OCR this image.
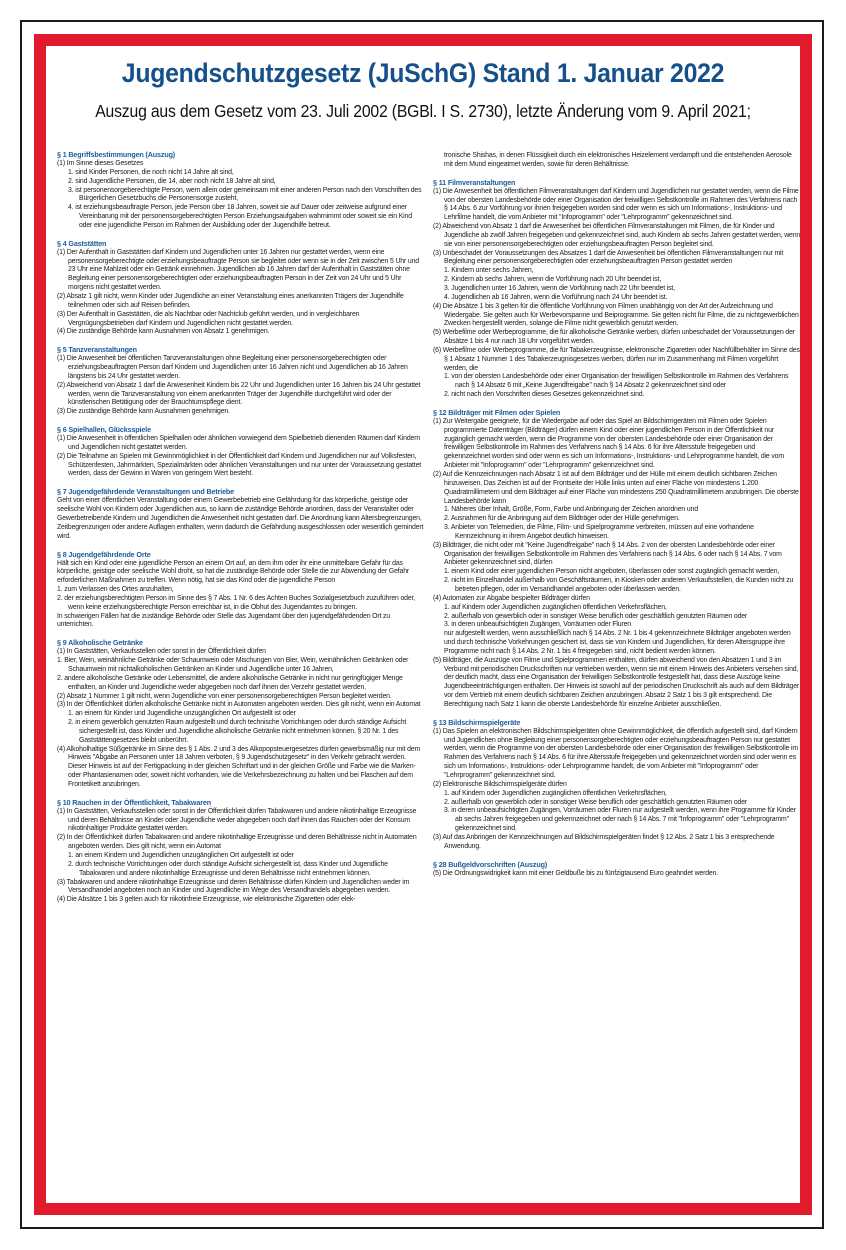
Jugendschutzgesetz (JuSchG) Stand 1. Januar 2022
Auszug aus dem Gesetz vom 23. Juli 2002 (BGBl. I S. 2730), letzte Änderung vom 9. April 2021;
§ 1 Begriffsbestimmungen (Auszug)
(1) Im Sinne dieses Gesetzes
1. sind Kinder Personen, die noch nicht 14 Jahre alt sind,
2. sind Jugendliche Personen, die 14, aber noch nicht 18 Jahre alt sind,
3. ist personensorgeberechtigte Person, wem allein oder gemeinsam mit einer anderen Person nach den Vorschriften des Bürgerlichen Gesetzbuchs die Personensorge zusteht,
4. ist erziehungsbeauftragte Person, jede Person über 18 Jahren, soweit sie auf Dauer oder zeitweise aufgrund einer Vereinbarung mit der personensorgeberechtigten Person Erziehungsaufgaben wahrnimmt oder soweit sie ein Kind oder eine jugendliche Person im Rahmen der Ausbildung oder der Jugendhilfe betreut.
§ 4 Gaststätten
(1) Der Aufenthalt in Gaststätten darf Kindern und Jugendlichen unter 16 Jahren nur gestattet werden, wenn eine personensorgeberechtigte oder erziehungsbeauftragte Person sie begleitet oder wenn sie in der Zeit zwischen 5 Uhr und 23 Uhr eine Mahlzeit oder ein Getränk einnehmen. Jugendlichen ab 16 Jahren darf der Aufenthalt in Gaststätten ohne Begleitung einer personensorgeberechtigten oder erziehungsbeauftragten Person in der Zeit von 24 Uhr und 5 Uhr morgens nicht gestattet werden.
(2) Absatz 1 gilt nicht, wenn Kinder oder Jugendliche an einer Veranstaltung eines anerkannten Trägers der Jugendhilfe teilnehmen oder sich auf Reisen befinden.
(3) Der Aufenthalt in Gaststätten, die als Nachtbar oder Nachtclub geführt werden, und in vergleichbaren Vergnügungsbetrieben darf Kindern und Jugendlichen nicht gestattet werden.
(4) Die zuständige Behörde kann Ausnahmen von Absatz 1 genehmigen.
§ 5 Tanzveranstaltungen
(1) Die Anwesenheit bei öffentlichen Tanzveranstaltungen ohne Begleitung einer personensorgeberechtigten oder erziehungsbeauftragten Person darf Kindern und Jugendlichen unter 16 Jahren nicht und Jugendlichen ab 16 Jahren längstens bis 24 Uhr gestattet werden.
(2) Abweichend von Absatz 1 darf die Anwesenheit Kindern bis 22 Uhr und Jugendlichen unter 16 Jahren bis 24 Uhr gestattet werden, wenn die Tanzveranstaltung von einem anerkannten Träger der Jugendhilfe durchgeführt wird oder der künstlerischen Betätigung oder der Brauchtumspflege dient.
(3) Die zuständige Behörde kann Ausnahmen genehmigen.
§ 6 Spielhallen, Glücksspiele
(1) Die Anwesenheit in öffentlichen Spielhallen oder ähnlichen vorwiegend dem Spielbetrieb dienenden Räumen darf Kindern und Jugendlichen nicht gestattet werden.
(2) Die Teilnahme an Spielen mit Gewinnmöglichkeit in der Öffentlichkeit darf Kindern und Jugendlichen nur auf Volksfesten, Schützenfesten, Jahrmärkten, Spezialmärkten oder ähnlichen Veranstaltungen und nur unter der Voraussetzung gestattet werden, dass der Gewinn in Waren von geringem Wert besteht.
§ 7 Jugendgefährdende Veranstaltungen und Betriebe
Geht von einer öffentlichen Veranstaltung oder einem Gewerbebetrieb eine Gefährdung für das körperliche, geistige oder seelische Wohl von Kindern oder Jugendlichen aus, so kann die zuständige Behörde anordnen, dass der Veranstalter oder Gewerbetreibende Kindern und Jugendlichen die Anwesenheit nicht gestatten darf. Die Anordnung kann Altersbegrenzungen, Zeitbegrenzungen oder andere Auflagen enthalten, wenn dadurch die Gefährdung ausgeschlossen oder wesentlich gemindert wird.
§ 8 Jugendgefährdende Orte
Hält sich ein Kind oder eine jugendliche Person an einem Ort auf, an dem ihm oder ihr eine unmittelbare Gefahr für das körperliche, geistige oder seelische Wohl droht, so hat die zuständige Behörde oder Stelle die zur Abwendung der Gefahr erforderlichen Maßnahmen zu treffen. Wenn nötig, hat sie das Kind oder die jugendliche Person
1. zum Verlassen des Ortes anzuhalten,
2. der erziehungsberechtigten Person im Sinne des § 7 Abs. 1 Nr. 6 des Achten Buches Sozialgesetzbuch zuzuführen oder, wenn keine erziehungsberechtigte Person erreichbar ist, in die Obhut des Jugendamtes zu bringen.
In schwierigen Fällen hat die zuständige Behörde oder Stelle das Jugendamt über den jugendgefährdenden Ort zu unterrichten.
§ 9 Alkoholische Getränke
(1) In Gaststätten, Verkaufsstellen oder sonst in der Öffentlichkeit dürfen
1. Bier, Wein, weinähnliche Getränke oder Schaumwein oder Mischungen von Bier, Wein, weinähnlichen Getränken oder Schaumwein mit nichtalkoholischen Getränken an Kinder und Jugendliche unter 16 Jahren,
2. andere alkoholische Getränke oder Lebensmittel, die andere alkoholische Getränke in nicht nur geringfügiger Menge enthalten, an Kinder und Jugendliche weder abgegeben noch darf ihnen der Verzehr gestattet werden.
(2) Absatz 1 Nummer 1 gilt nicht, wenn Jugendliche von einer personensorgeberechtigten Person begleitet werden.
(3) In der Öffentlichkeit dürfen alkoholische Getränke nicht in Automaten angeboten werden. Dies gilt nicht, wenn ein Automat
1. an einem für Kinder und Jugendliche unzugänglichen Ort aufgestellt ist oder
2. in einem gewerblich genutzten Raum aufgestellt und durch technische Vorrichtungen oder durch ständige Aufsicht sichergestellt ist, dass Kinder und Jugendliche alkoholische Getränke nicht entnehmen können. § 20 Nr. 1 des Gaststättengesetzes bleibt unberührt.
(4) Alkoholhaltige Süßgetränke im Sinne des § 1 Abs. 2 und 3 des Alkopopsteuergesetzes dürfen gewerbsmäßig nur mit dem Hinweis "Abgabe an Personen unter 18 Jahren verboten, § 9 Jugendschutzgesetz" in den Verkehr gebracht werden. Dieser Hinweis ist auf der Fertigpackung in der gleichen Schriftart und in der gleichen Größe und Farbe wie die Marken- oder Phantasienamen oder, soweit nicht vorhanden, wie die Verkehrsbezeichnung zu halten und bei Flaschen auf dem Frontetikett anzubringen.
§ 10 Rauchen in der Öffentlichkeit, Tabakwaren
(1) In Gaststätten, Verkaufsstellen oder sonst in der Öffentlichkeit dürfen Tabakwaren und andere nikotinhaltige Erzeugnisse und deren Behältnisse an Kinder oder Jugendliche weder abgegeben noch darf ihnen das Rauchen oder der Konsum nikotinhaltiger Produkte gestattet werden.
(2) In der Öffentlichkeit dürfen Tabakwaren und andere nikotinhaltige Erzeugnisse und deren Behältnisse nicht in Automaten angeboten werden. Dies gilt nicht, wenn ein Automat
1. an einem Kindern und Jugendlichen unzugänglichen Ort aufgestellt ist oder
2. durch technische Vorrichtungen oder durch ständige Aufsicht sichergestellt ist, dass Kinder und Jugendliche Tabakwaren und andere nikotinhaltige Erzeugnisse und deren Behältnisse nicht entnehmen können.
(3) Tabakwaren und andere nikotinhaltige Erzeugnisse und deren Behältnisse dürfen Kindern und Jugendlichen weder im Versandhandel angeboten noch an Kinder und Jugendliche im Wege des Versandhandels abgegeben werden.
(4) Die Absätze 1 bis 3 gelten auch für nikotinfreie Erzeugnisse, wie elektronische Zigaretten oder elek-
tronische Shishas, in denen Flüssigkeit durch ein elektronisches Heizelement verdampft und die entstehenden Aerosole mit dem Mund eingeatmet werden, sowie für deren Behältnisse.
§ 11 Filmveranstaltungen
(1) Die Anwesenheit bei öffentlichen Filmveranstaltungen darf Kindern und Jugendlichen nur gestattet werden, wenn die Filme von der obersten Landesbehörde oder einer Organisation der freiwilligen Selbstkontrolle im Rahmen des Verfahrens nach § 14 Abs. 6 zur Vorführung vor ihnen freigegeben worden sind oder wenn es sich um Informations-, Instruktions- und Lehrfilme handelt, die vom Anbieter mit "Infoprogramm" oder "Lehrprogramm" gekennzeichnet sind.
(2) Abweichend von Absatz 1 darf die Anwesenheit bei öffentlichen Filmveranstaltungen mit Filmen, die für Kinder und Jugendliche ab zwölf Jahren freigegeben und gekennzeichnet sind, auch Kindern ab sechs Jahren gestattet werden, wenn sie von einer personensorgeberechtigten oder erziehungsbeauftragten Person begleitet sind.
(3) Unbeschadet der Voraussetzungen des Absatzes 1 darf die Anwesenheit bei öffentlichen Filmveranstaltungen nur mit Begleitung einer personensorgeberechtigten oder erziehungsbeauftragten Person gestattet werden
1. Kindern unter sechs Jahren,
2. Kindern ab sechs Jahren, wenn die Vorführung nach 20 Uhr beendet ist,
3. Jugendlichen unter 16 Jahren, wenn die Vorführung nach 22 Uhr beendet ist,
4. Jugendlichen ab 16 Jahren, wenn die Vorführung nach 24 Uhr beendet ist.
(4) Die Absätze 1 bis 3 gelten für die öffentliche Vorführung von Filmen unabhängig von der Art der Aufzeichnung und Wiedergabe. Sie gelten auch für Werbevorspanne und Beiprogramme. Sie gelten nicht für Filme, die zu nichtgewerblichen Zwecken hergestellt werden, solange die Filme nicht gewerblich genutzt werden.
(5) Werbefilme oder Werbeprogramme, die für alkoholische Getränke werben, dürfen unbeschadet der Voraussetzungen der Absätze 1 bis 4 nur nach 18 Uhr vorgeführt werden.
(6) Werbefilme oder Werbeprogramme, die für Tabakerzeugnisse, elektronische Zigaretten oder Nachfüllbehälter im Sinne des § 1 Absatz 1 Nummer 1 des Tabakerzeugnisgesetzes werben, dürfen nur im Zusammenhang mit Filmen vorgeführt werden, die
1. von der obersten Landesbehörde oder einer Organisation der freiwilligen Selbstkontrolle im Rahmen des Verfahrens nach § 14 Absatz 6 mit „Keine Jugendfreigabe" nach § 14 Absatz 2 gekennzeichnet sind oder
2. nicht nach den Vorschriften dieses Gesetzes gekennzeichnet sind.
§ 12 Bildträger mit Filmen oder Spielen
(1) Zur Weitergabe geeignete, für die Wiedergabe auf oder das Spiel an Bildschirmgeräten mit Filmen oder Spielen programmierte Datenträger (Bildträger) dürfen einem Kind oder einer jugendlichen Person in der Öffentlichkeit nur zugänglich gemacht werden, wenn die Programme von der obersten Landesbehörde oder einer Organisation der freiwilligen Selbstkontrolle im Rahmen des Verfahrens nach § 14 Abs. 6 für ihre Altersstufe freigegeben und gekennzeichnet worden sind oder wenn es sich um Informations-, Instruktions- und Lehrprogramme handelt, die vom Anbieter mit "Infoprogramm" oder "Lehrprogramm" gekennzeichnet sind.
(2) Auf die Kennzeichnungen nach Absatz 1 ist auf dem Bildträger und der Hülle mit einem deutlich sichtbaren Zeichen hinzuweisen. Das Zeichen ist auf der Frontseite der Hülle links unten auf einer Fläche von mindestens 1.200 Quadratmillimetern und dem Bildträger auf einer Fläche von mindestens 250 Quadratmillimetern anzubringen. Die oberste Landesbehörde kann
1. Näheres über Inhalt, Größe, Form, Farbe und Anbringung der Zeichen anordnen und
2. Ausnahmen für die Anbringung auf dem Bildträger oder der Hülle genehmigen.
3. Anbieter von Telemedien, die Filme, Film- und Spielprogramme verbreiten, müssen auf eine vorhandene Kennzeichnung in ihrem Angebot deutlich hinweisen.
(3) Bildträger, die nicht oder mit "Keine Jugendfreigabe" nach § 14 Abs. 2 von der obersten Landesbehörde oder einer Organisation der freiwilligen Selbstkontrolle im Rahmen des Verfahrens nach § 14 Abs. 6 oder nach § 14 Abs. 7 vom Anbieter gekennzeichnet sind, dürfen
1. einem Kind oder einer jugendlichen Person nicht angeboten, überlassen oder sonst zugänglich gemacht werden,
2. nicht im Einzelhandel außerhalb von Geschäftsräumen, in Kiosken oder anderen Verkaufsstellen, die Kunden nicht zu betreten pflegen, oder im Versandhandel angeboten oder überlassen werden.
(4) Automaten zur Abgabe bespielter Bildträger dürfen
1. auf Kindern oder Jugendlichen zugänglichen öffentlichen Verkehrsflächen,
2. außerhalb von gewerblich oder in sonstiger Weise beruflich oder geschäftlich genutzten Räumen oder
3. in deren unbeaufsichtigten Zugängen, Vorräumen oder Fluren
nur aufgestellt werden, wenn ausschließlich nach § 14 Abs. 2 Nr. 1 bis 4 gekennzeichnete Bildträger angeboten werden und durch technische Vorkehrungen gesichert ist, dass sie von Kindern und Jugendlichen, für deren Altersgruppe ihre Programme nicht nach § 14 Abs. 2 Nr. 1 bis 4 freigegeben sind, nicht bedient werden können.
(5) Bildträger, die Auszüge von Filme und Spielprogrammen enthalten, dürfen abweichend von den Absätzen 1 und 3 im Verbund mit periodischen Druckschriften nur vertrieben werden, wenn sie mit einem Hinweis des Anbieters versehen sind, der deutlich macht, dass eine Organisation der freiwilligen Selbstkontrolle festgestellt hat, dass diese Auszüge keine Jugendbeeinträchtigungen enthalten. Der Hinweis ist sowohl auf der periodischen Druckschrift als auch auf dem Bildträger vor dem Vertrieb mit einem deutlich sichtbaren Zeichen anzubringen. Absatz 2 Satz 1 bis 3 gilt entsprechend. Die Berechtigung nach Satz 1 kann die oberste Landesbehörde für einzelne Anbieter ausschließen.
§ 13 Bildschirmspielgeräte
(1) Das Spielen an elektronischen Bildschirmspielgeräten ohne Gewinnmöglichkeit, die öffentlich aufgestellt sind, darf Kindern und Jugendlichen ohne Begleitung einer personensorgeberechtigten oder erziehungsbeauftragten Person nur gestattet werden, wenn die Programme von der obersten Landesbehörde oder einer Organisation der freiwilligen Selbstkontrolle im Rahmen des Verfahrens nach § 14 Abs. 6 für ihre Altersstufe freigegeben und gekennzeichnet worden sind oder wenn es sich um Informations-, Instruktions- oder Lehrprogramme handelt, die vom Anbieter mit "Infoprogramm" oder "Lehrprogramm" gekennzeichnet sind.
(2) Elektronische Bildschirmspielgeräte dürfen
1. auf Kindern oder Jugendlichen zugänglichen öffentlichen Verkehrsflächen,
2. außerhalb von gewerblich oder in sonstiger Weise beruflich oder geschäftlich genutzten Räumen oder
3. in deren unbeaufsichtigten Zugängen, Vorräumen oder Fluren nur aufgestellt werden, wenn ihre Programme für Kinder ab sechs Jahren freigegeben und gekennzeichnet oder nach § 14 Abs. 7 mit "Infoprogramm" oder "Lehrprogramm" gekennzeichnet sind.
(3) Auf das Anbringen der Kennzeichnungen auf Bildschirmspielgeräten findet § 12 Abs. 2 Satz 1 bis 3 entsprechende Anwendung.
§ 28 Bußgeldvorschriften (Auszug)
(5) Die Ordnungswidrigkeit kann mit einer Geldbuße bis zu fünfzigtausend Euro geahndet werden.
